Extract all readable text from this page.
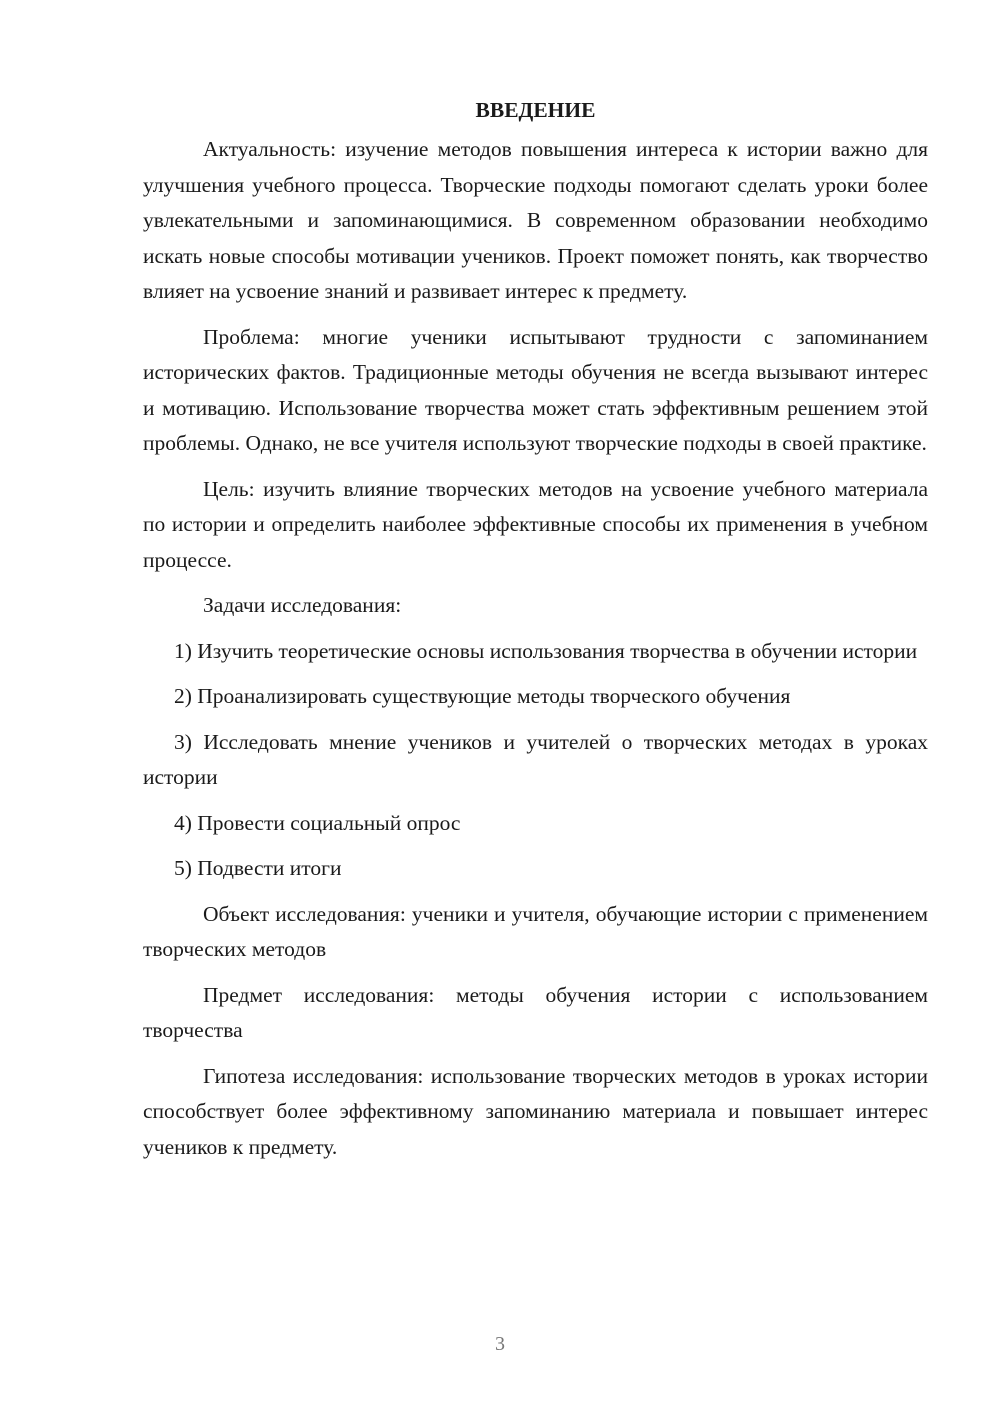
ВВЕДЕНИЕ

Актуальность: изучение методов повышения интереса к истории важно для улучшения учебного процесса. Творческие подходы помогают сделать уроки более увлекательными и запоминающимися. В современном образовании необходимо искать новые способы мотивации учеников. Проект поможет понять, как творчество влияет на усвоение знаний и развивает интерес к предмету.

Проблема: многие ученики испытывают трудности с запоминанием исторических фактов. Традиционные методы обучения не всегда вызывают интерес и мотивацию. Использование творчества может стать эффективным решением этой проблемы. Однако, не все учителя используют творческие подходы в своей практике.

Цель: изучить влияние творческих методов на усвоение учебного материала по истории и определить наиболее эффективные способы их применения в учебном процессе.

Задачи исследования:

1) Изучить теоретические основы использования творчества в обучении истории

2) Проанализировать существующие методы творческого обучения

3) Исследовать мнение учеников и учителей о творческих методах в уроках истории

4) Провести социальный опрос

5) Подвести итоги

Объект исследования: ученики и учителя, обучающие истории с применением творческих методов

Предмет исследования: методы обучения истории с использованием творчества

Гипотеза исследования: использование творческих методов в уроках истории способствует более эффективному запоминанию материала и повышает интерес учеников к предмету.

3
